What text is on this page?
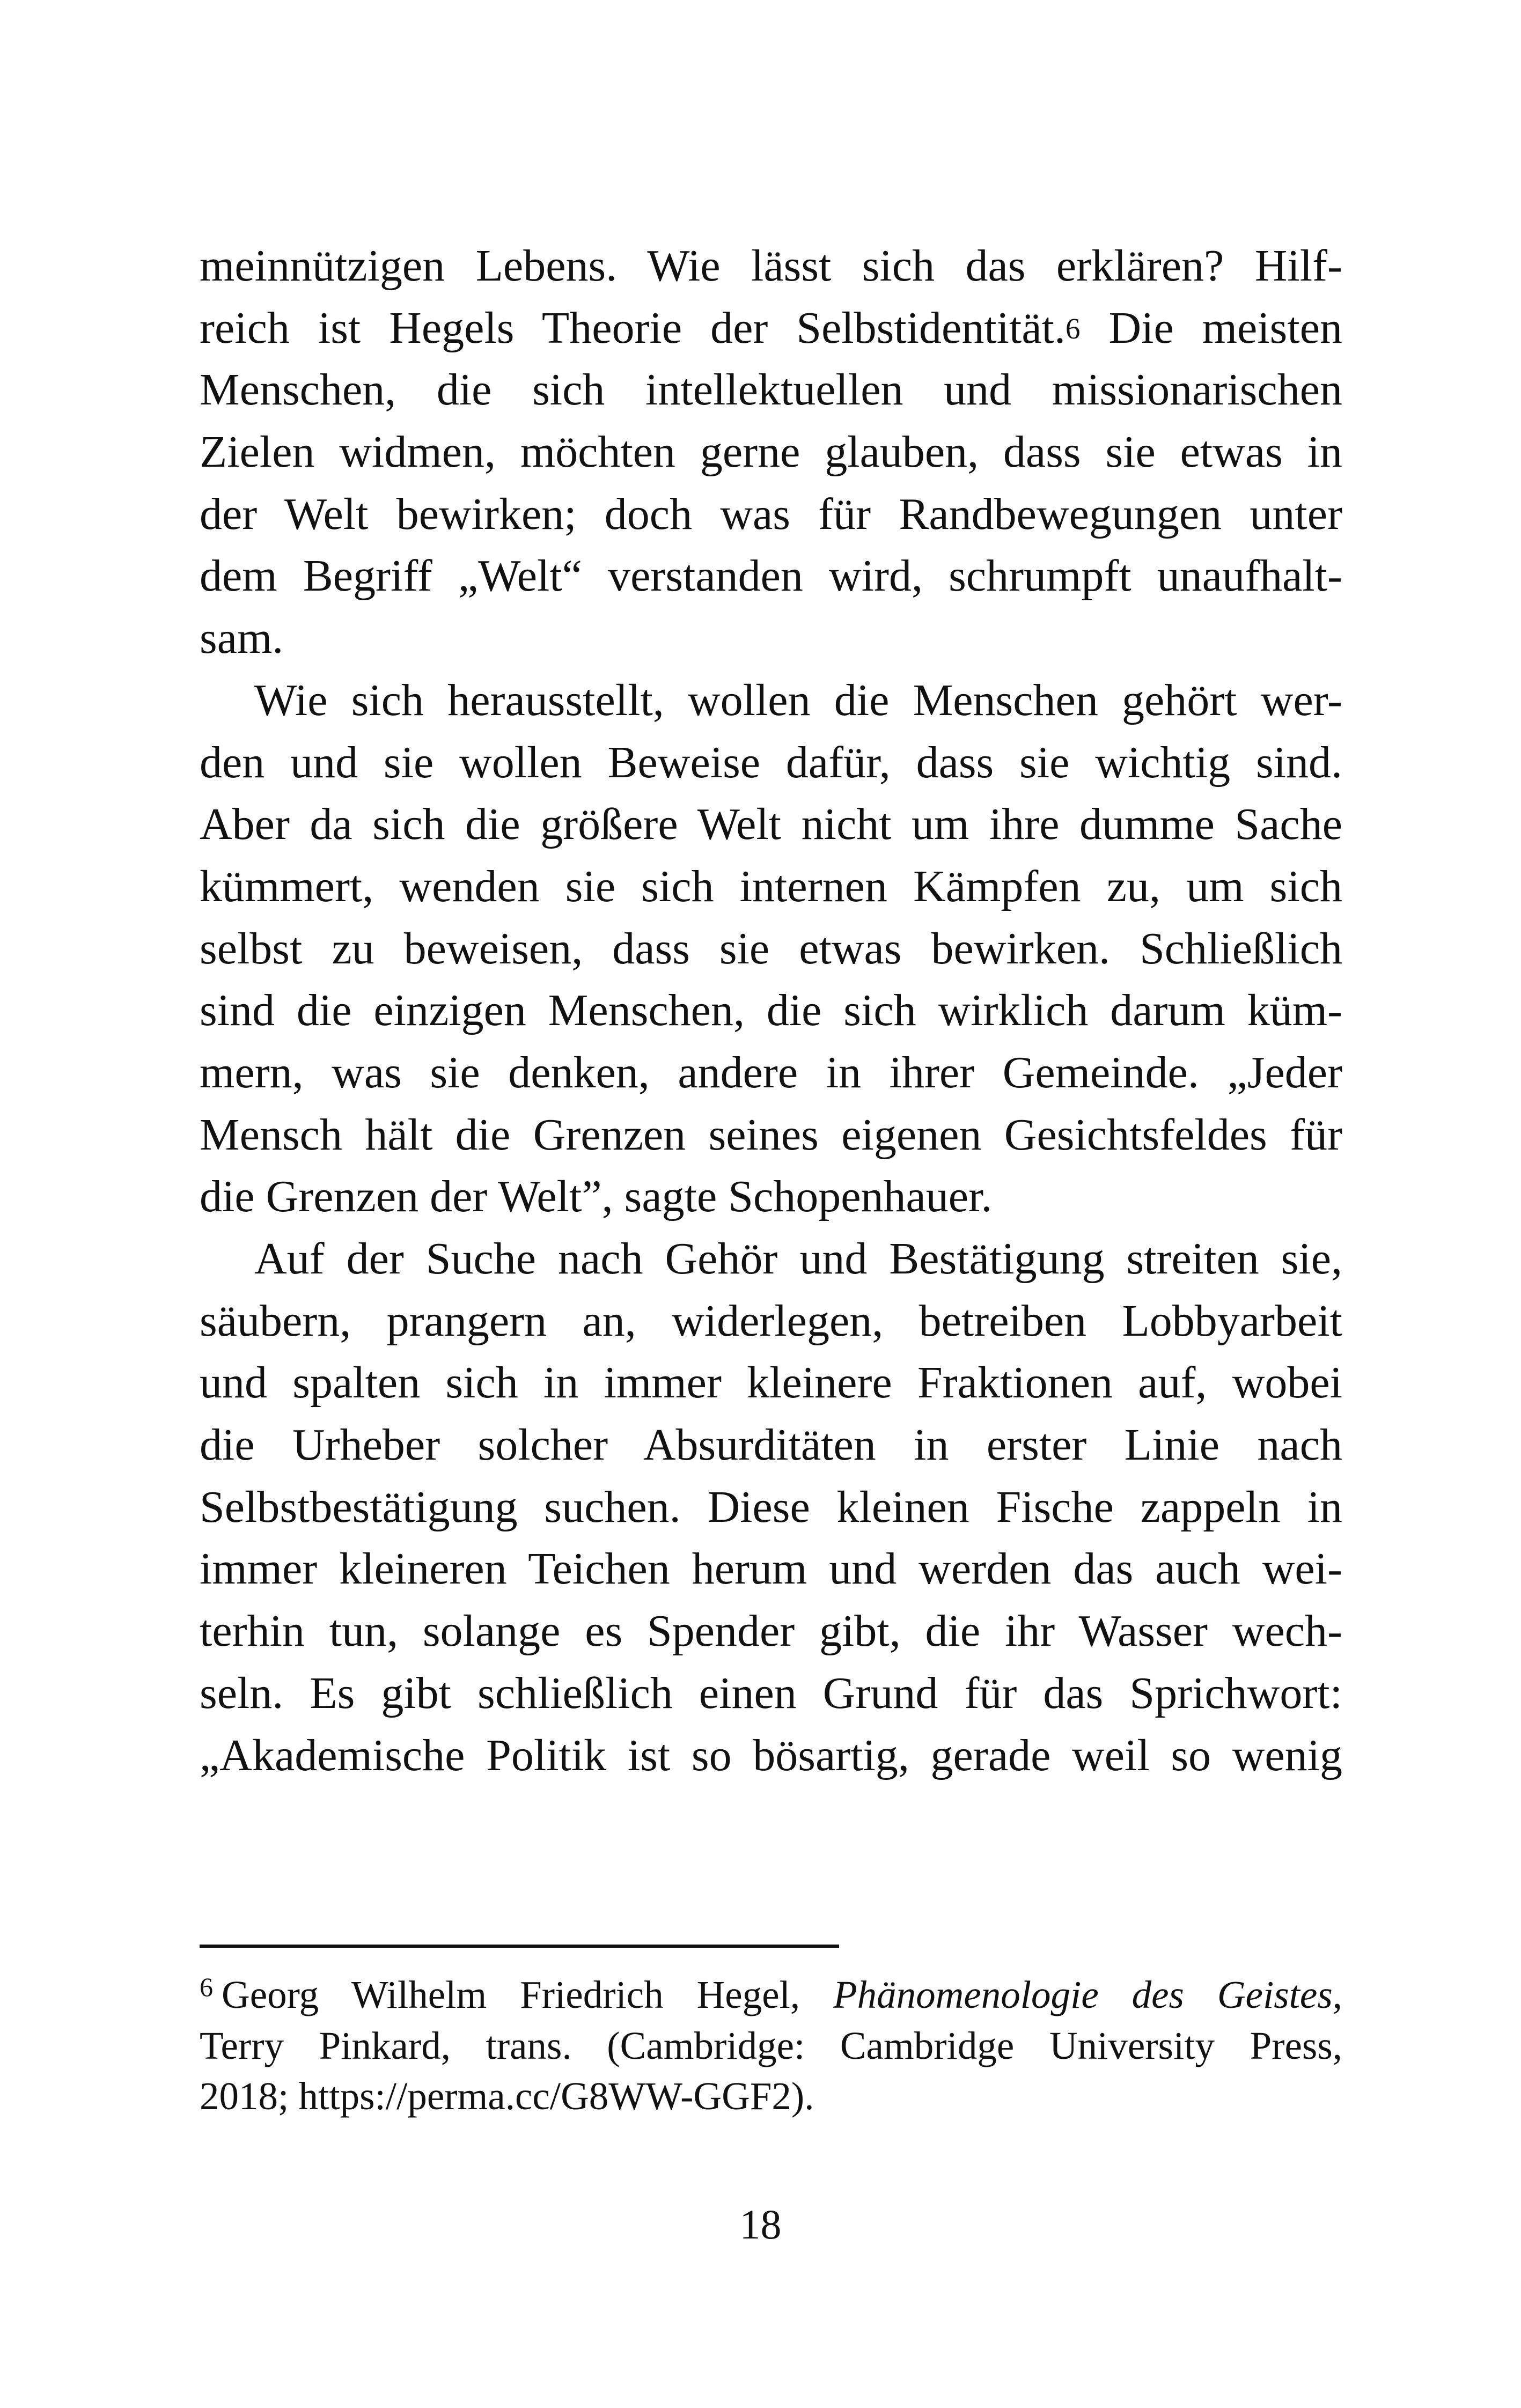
meinnützigen Lebens. Wie lässt sich das erklären? Hilf-
reich ist Hegels Theorie der Selbstidentität.$^6$ Die meisten
Menschen, die sich intellektuellen und missionarischen
Zielen widmen, möchten gerne glauben, dass sie etwas in
der Welt bewirken; doch was für Randbewegungen unter
dem Begriff „Welt“ verstanden wird, schrumpft unaufhalt-
sam.
Wie sich herausstellt, wollen die Menschen gehört wer-
den und sie wollen Beweise dafür, dass sie wichtig sind.
Aber da sich die größere Welt nicht um ihre dumme Sache
kümmert, wenden sie sich internen Kämpfen zu, um sich
selbst zu beweisen, dass sie etwas bewirken. Schließlich
sind die einzigen Menschen, die sich wirklich darum küm-
mern, was sie denken, andere in ihrer Gemeinde. „Jeder
Mensch hält die Grenzen seines eigenen Gesichtsfeldes für
die Grenzen der Welt”, sagte Schopenhauer.
Auf der Suche nach Gehör und Bestätigung streiten sie,
säubern, prangern an, widerlegen, betreiben Lobbyarbeit
und spalten sich in immer kleinere Fraktionen auf, wobei
die Urheber solcher Absurditäten in erster Linie nach
Selbstbestätigung suchen. Diese kleinen Fische zappeln in
immer kleineren Teichen herum und werden das auch wei-
terhin tun, solange es Spender gibt, die ihr Wasser wech-
seln. Es gibt schließlich einen Grund für das Sprichwort:
„Akademische Politik ist so bösartig, gerade weil so wenig
$^6$ Georg Wilhelm Friedrich Hegel, Phänomenologie des Geistes,
Terry Pinkard, trans. (Cambridge: Cambridge University Press,
2018; https://perma.cc/G8WW-GGF2).
18
